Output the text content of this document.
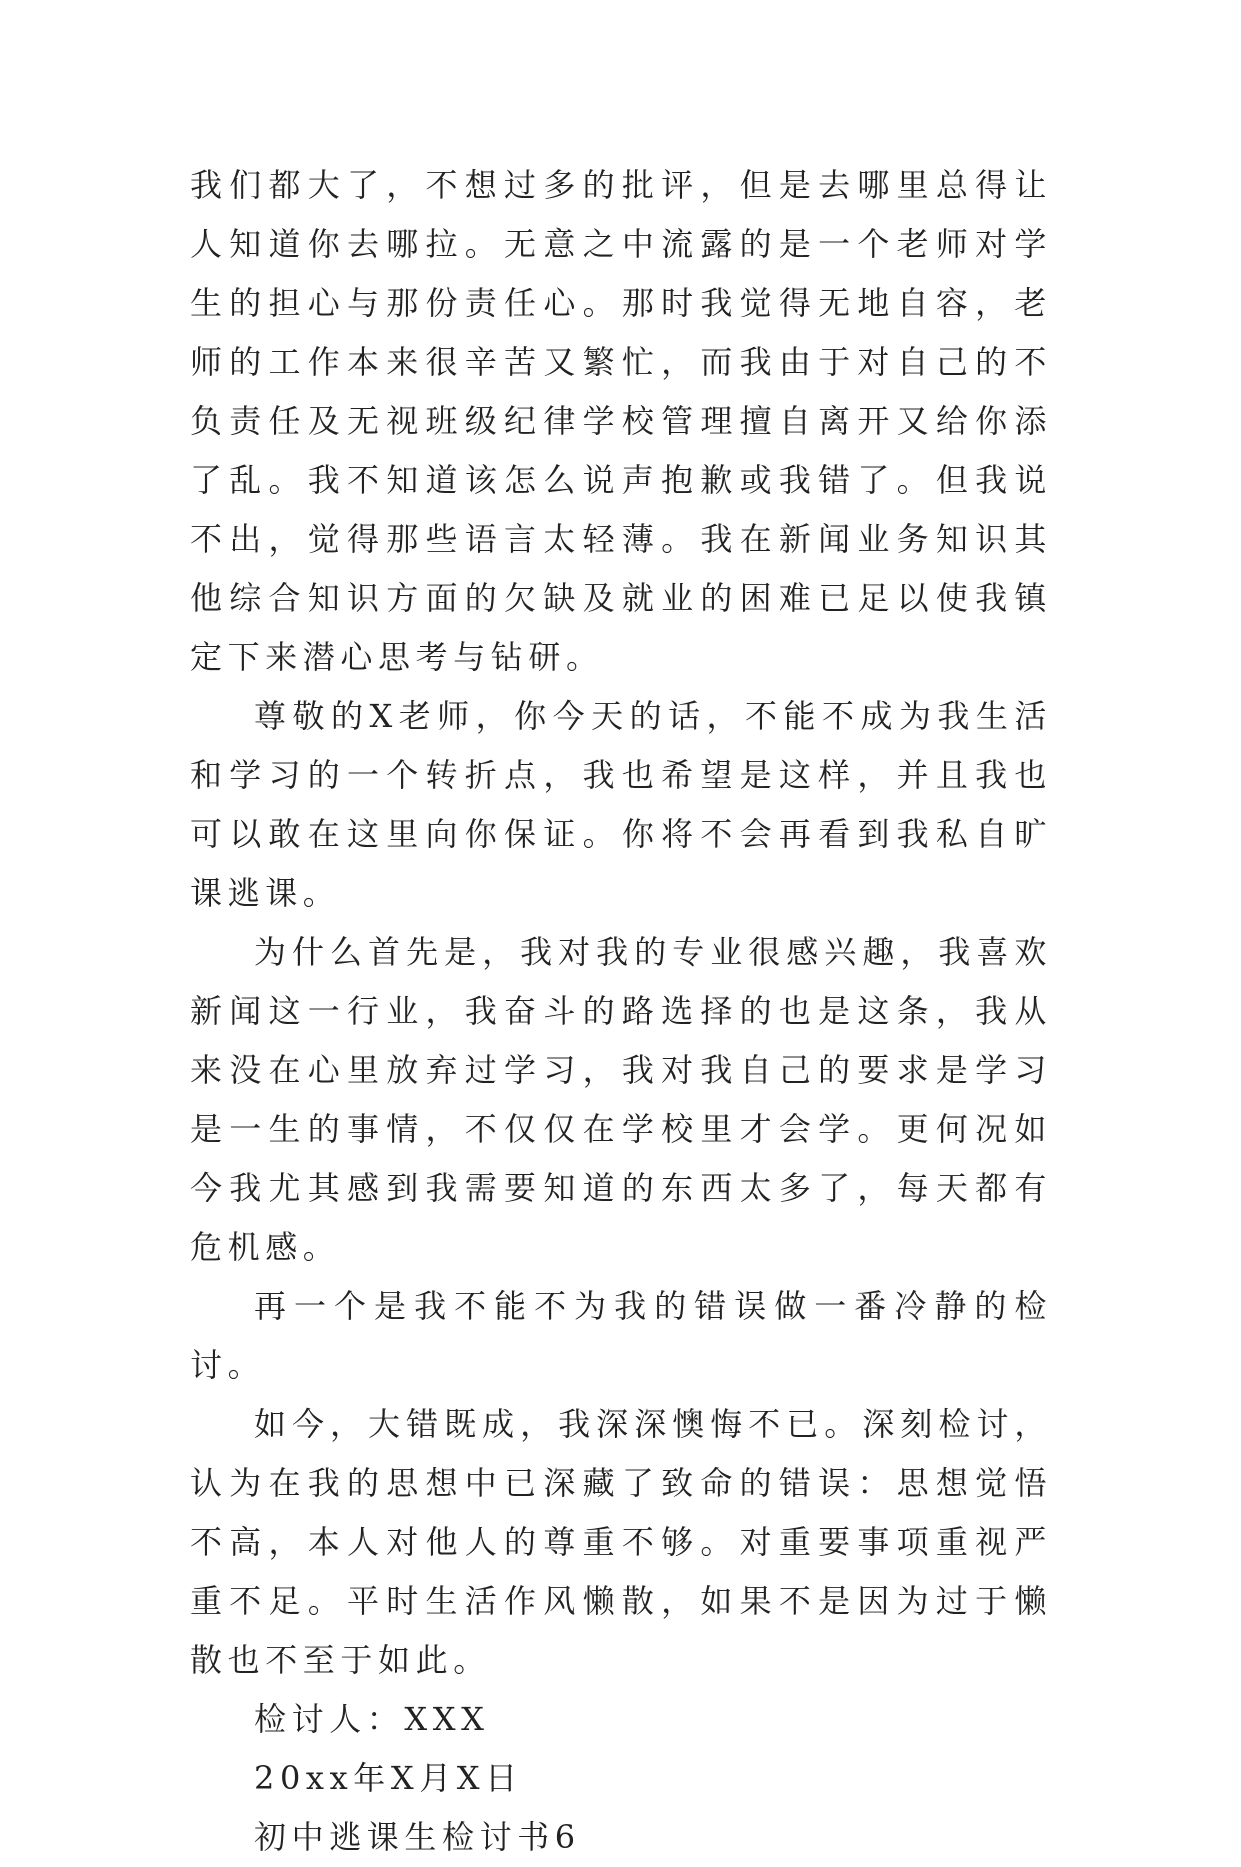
我们都大了，不想过多的批评，但是去哪里总得让人知道你去哪拉。无意之中流露的是一个老师对学生的担心与那份责任心。那时我觉得无地自容，老师的工作本来很辛苦又繁忙，而我由于对自己的不负责任及无视班级纪律学校管理擅自离开又给你添了乱。我不知道该怎么说声抱歉或我错了。但我说不出，觉得那些语言太轻薄。我在新闻业务知识其他综合知识方面的欠缺及就业的困难已足以使我镇定下来潜心思考与钻研。

尊敬的X老师，你今天的话，不能不成为我生活和学习的一个转折点，我也希望是这样，并且我也可以敢在这里向你保证。你将不会再看到我私自旷课逃课。

为什么首先是，我对我的专业很感兴趣，我喜欢新闻这一行业，我奋斗的路选择的也是这条，我从来没在心里放弃过学习，我对我自己的要求是学习是一生的事情，不仅仅在学校里才会学。更何况如今我尤其感到我需要知道的东西太多了，每天都有危机感。

再一个是我不能不为我的错误做一番冷静的检讨。

如今，大错既成，我深深懊悔不已。深刻检讨，认为在我的思想中已深藏了致命的错误：思想觉悟不高，本人对他人的尊重不够。对重要事项重视严重不足。平时生活作风懒散，如果不是因为过于懒散也不至于如此。

检讨人：XXX

20xx年X月X日

初中逃课生检讨书6
